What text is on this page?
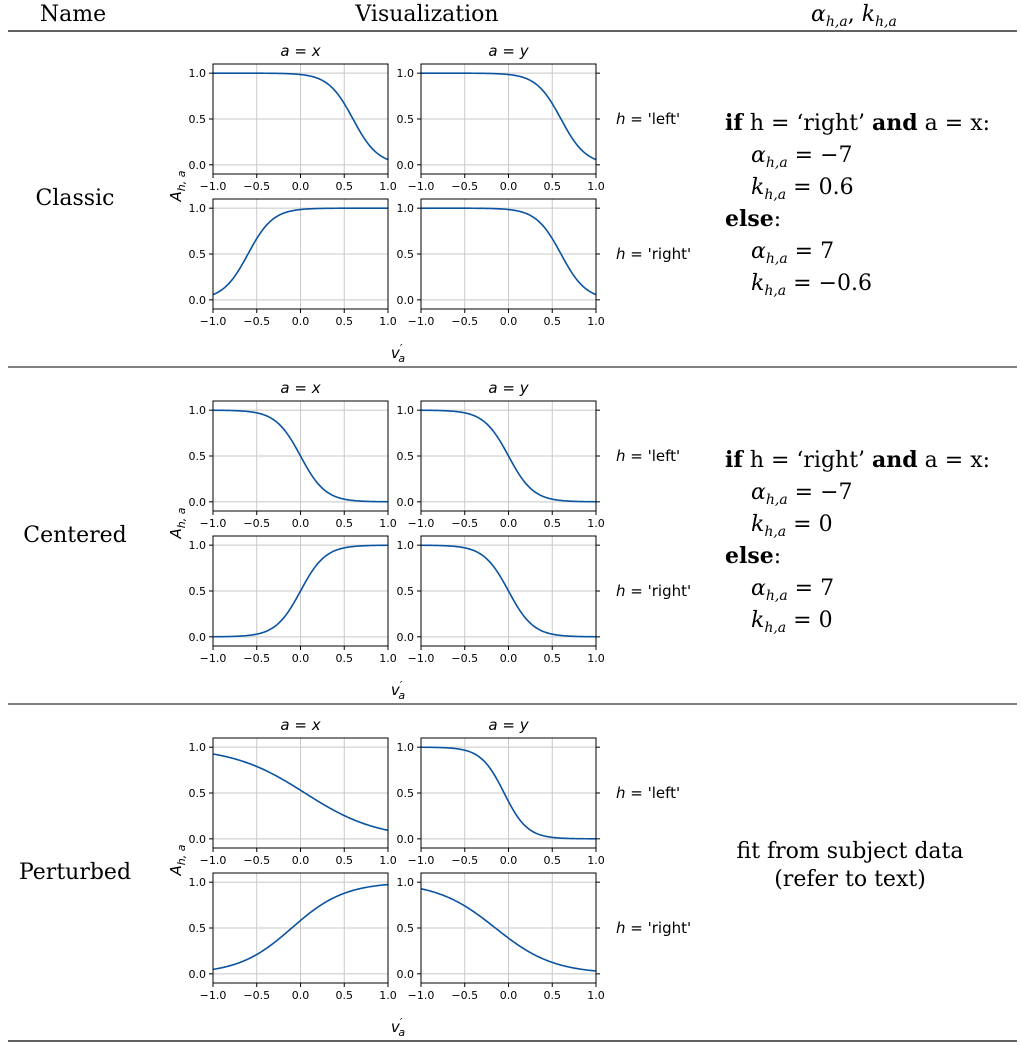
Name	Visualization	$\alpha_{h,a}$, $k_{h,a}$
−1.0 −0.5 0.0 0.5 1.0
0.0
0.5
1.0
a = x
−1.0 −0.5 0.0 0.5 1.0
0.0
0.5
1.0
h = 'left'
a = y
−1.0 −0.5 0.0 0.5 1.0
0.0
0.5
1.0
−1.0 −0.5 0.0 0.5 1.0
0.0
0.5
1.0
h = 'right'
$A_{h, a}$
v′ a
Classic
if h = ‘right’ and a = x:
$\alpha_{h,a} = -7$
$k_{h,a} = 0.6$
else:
$\alpha_{h,a} = 7$
$k_{h,a} = -0.6$
−1.0 −0.5 0.0 0.5 1.0
0.0
0.5
1.0
a = x
−1.0 −0.5 0.0 0.5 1.0
0.0
0.5
1.0
h = 'left'
a = y
−1.0 −0.5 0.0 0.5 1.0
0.0
0.5
1.0
−1.0 −0.5 0.0 0.5 1.0
0.0
0.5
1.0
h = 'right'
$A_{h, a}$
v′ a
Centered
if h = ‘right’ and a = x:
$\alpha_{h,a} = -7$
$k_{h,a} = 0$
else:
$\alpha_{h,a} = 7$
$k_{h,a} = 0$
−1.0 −0.5 0.0 0.5 1.0
0.0
0.5
1.0
a = x
−1.0 −0.5 0.0 0.5 1.0
0.0
0.5
1.0
h = 'left'
a = y
−1.0 −0.5 0.0 0.5 1.0
0.0
0.5
1.0
−1.0 −0.5 0.0 0.5 1.0
0.0
0.5
1.0
h = 'right'
$A_{h, a}$
v′ a
Perturbed
fit from subject data
(refer to text)
